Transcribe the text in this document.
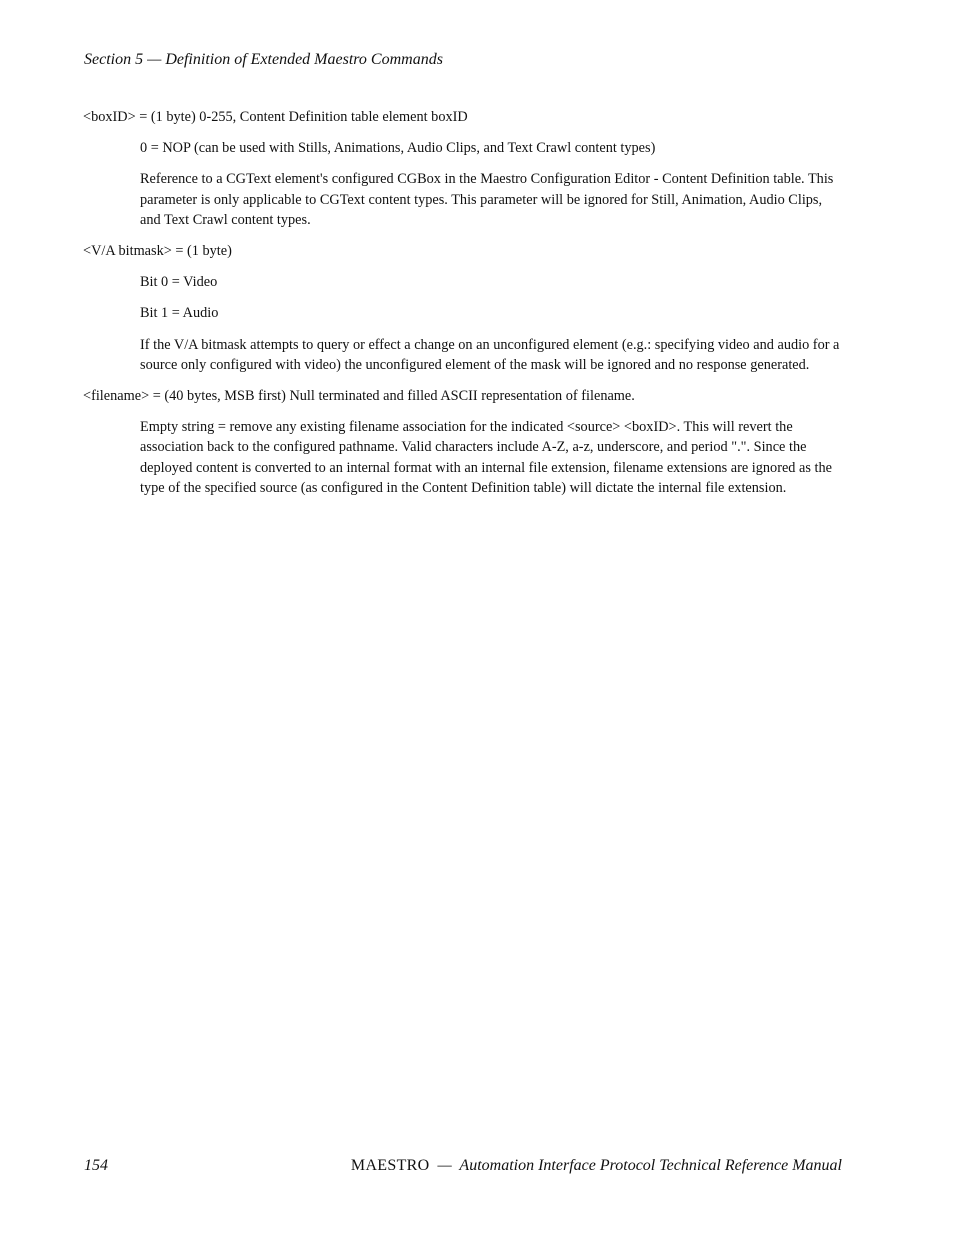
Section 5 — Definition of Extended Maestro Commands

<boxID> = (1 byte) 0-255, Content Definition table element boxID

0 = NOP (can be used with Stills, Animations, Audio Clips, and Text Crawl content types)

Reference to a CGText element's configured CGBox in the Maestro Configuration Editor - Content Definition table. This parameter is only applicable to CGText content types. This parameter will be ignored for Still, Animation, Audio Clips, and Text Crawl content types.

<V/A bitmask> = (1 byte)

Bit 0 = Video

Bit 1 = Audio

If the V/A bitmask attempts to query or effect a change on an unconfigured element (e.g.: specifying video and audio for a source only configured with video) the unconfigured element of the mask will be ignored and no response generated.

<filename> = (40 bytes, MSB first) Null terminated and filled ASCII representation of filename.

Empty string = remove any existing filename association for the indicated <source> <boxID>. This will revert the association back to the configured pathname. Valid characters include A-Z, a-z, underscore, and period ".". Since the deployed content is converted to an internal format with an internal file extension, filename extensions are ignored as the type of the specified source (as configured in the Content Definition table) will dictate the internal file extension.

154	MAESTRO  —  Automation Interface Protocol Technical Reference Manual
